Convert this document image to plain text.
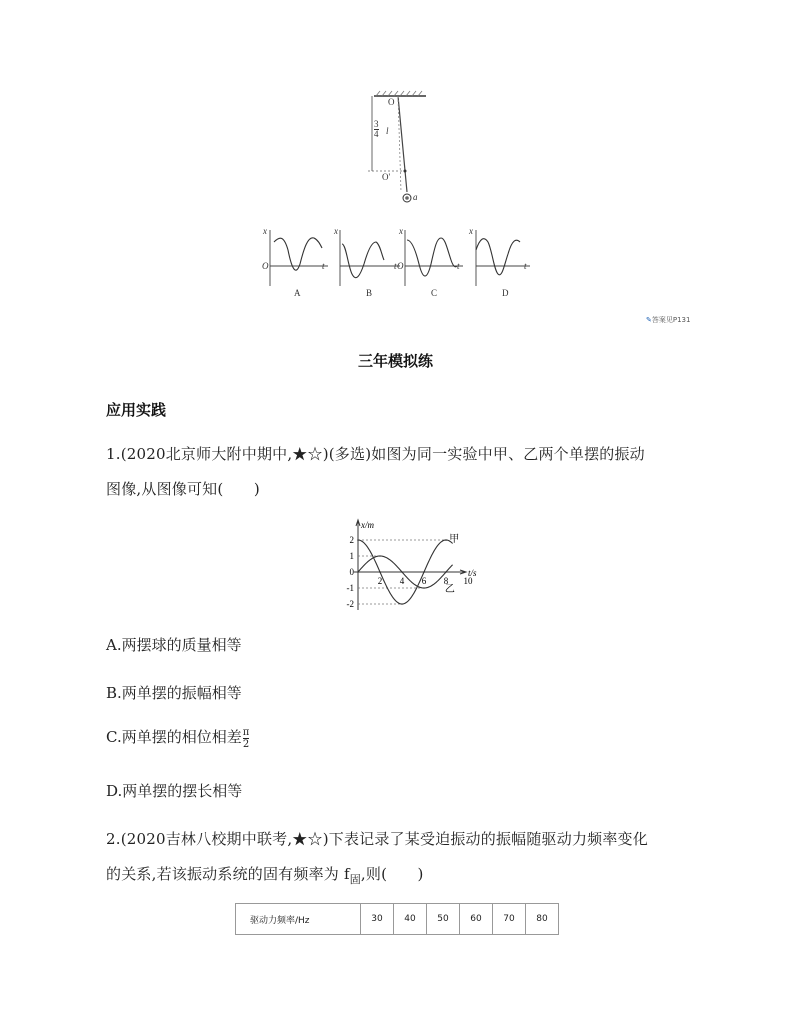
O
O'
3
4 l
a
x
O	t
A
x
t
B
x
O	t
C
x
t
D
✎答案见P131
三年模拟练
应用实践
1.(2020北京师大附中期中,★☆)(多选)如图为同一实验中甲、乙两个单摆的振动
图像,从图像可知(　　)
x/m
t/s
2
1
0
-1
-2
2 4 6 8 10
甲
乙
A.两摆球的质量相等
B.两单摆的振幅相等
C.两单摆的相位相差 $\frac{\pi}{2}$
D.两单摆的摆长相等
2.(2020吉林八校期中联考,★☆)下表记录了某受迫振动的振幅随驱动力频率变化
的关系,若该振动系统的固有频率为 $f_固$,则(　　)
驱动力频率/Hz	30	40	50	60	70	80
